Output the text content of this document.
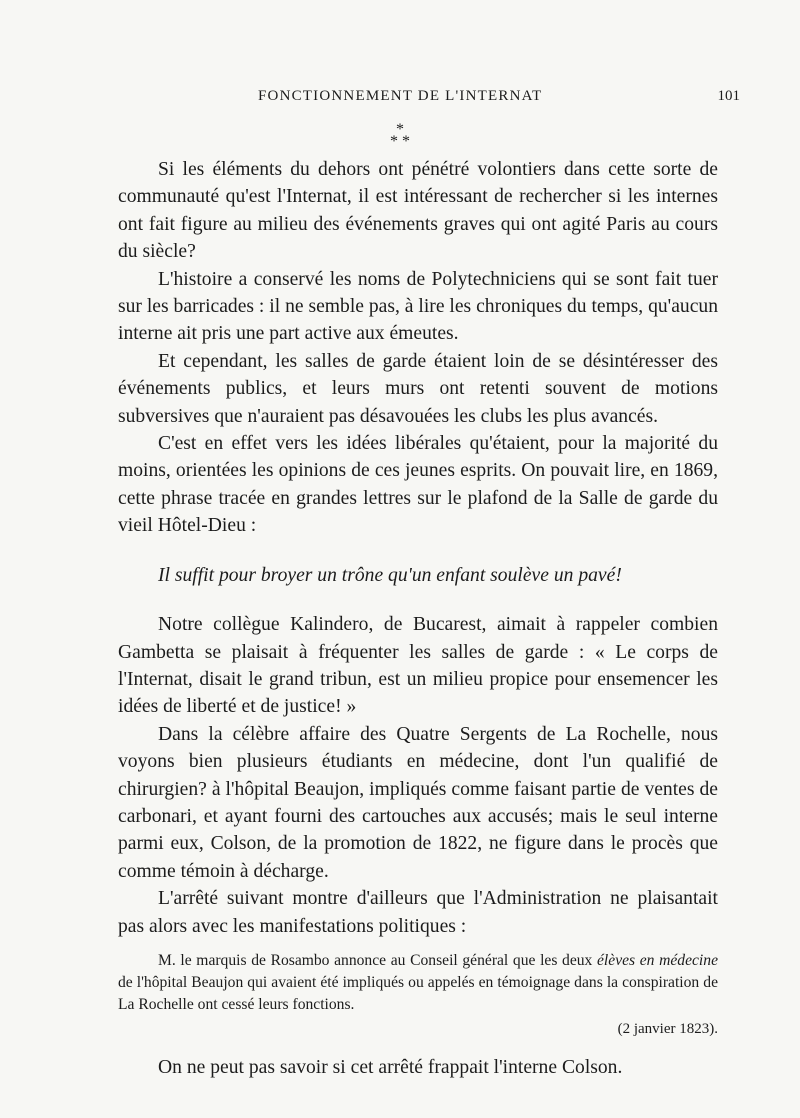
FONCTIONNEMENT DE L'INTERNAT	101
*
* *

Si les éléments du dehors ont pénétré volontiers dans cette sorte de communauté qu'est l'Internat, il est intéressant de rechercher si les internes ont fait figure au milieu des événements graves qui ont agité Paris au cours du siècle?

L'histoire a conservé les noms de Polytechniciens qui se sont fait tuer sur les barricades : il ne semble pas, à lire les chroniques du temps, qu'aucun interne ait pris une part active aux émeutes.

Et cependant, les salles de garde étaient loin de se désintéresser des événements publics, et leurs murs ont retenti souvent de motions subversives que n'auraient pas désavouées les clubs les plus avancés.

C'est en effet vers les idées libérales qu'étaient, pour la majorité du moins, orientées les opinions de ces jeunes esprits. On pouvait lire, en 1869, cette phrase tracée en grandes lettres sur le plafond de la Salle de garde du vieil Hôtel-Dieu :

Il suffit pour broyer un trône qu'un enfant soulève un pavé!

Notre collègue Kalindero, de Bucarest, aimait à rappeler combien Gambetta se plaisait à fréquenter les salles de garde : « Le corps de l'Internat, disait le grand tribun, est un milieu propice pour ensemencer les idées de liberté et de justice! »

Dans la célèbre affaire des Quatre Sergents de La Rochelle, nous voyons bien plusieurs étudiants en médecine, dont l'un qualifié de chirurgien? à l'hôpital Beaujon, impliqués comme faisant partie de ventes de carbonari, et ayant fourni des cartouches aux accusés; mais le seul interne parmi eux, Colson, de la promotion de 1822, ne figure dans le procès que comme témoin à décharge.

L'arrêté suivant montre d'ailleurs que l'Administration ne plaisantait pas alors avec les manifestations politiques :

M. le marquis de Rosambo annonce au Conseil général que les deux élèves en médecine de l'hôpital Beaujon qui avaient été impliqués ou appelés en témoignage dans la conspiration de La Rochelle ont cessé leurs fonctions.

(2 janvier 1823).

On ne peut pas savoir si cet arrêté frappait l'interne Colson.
